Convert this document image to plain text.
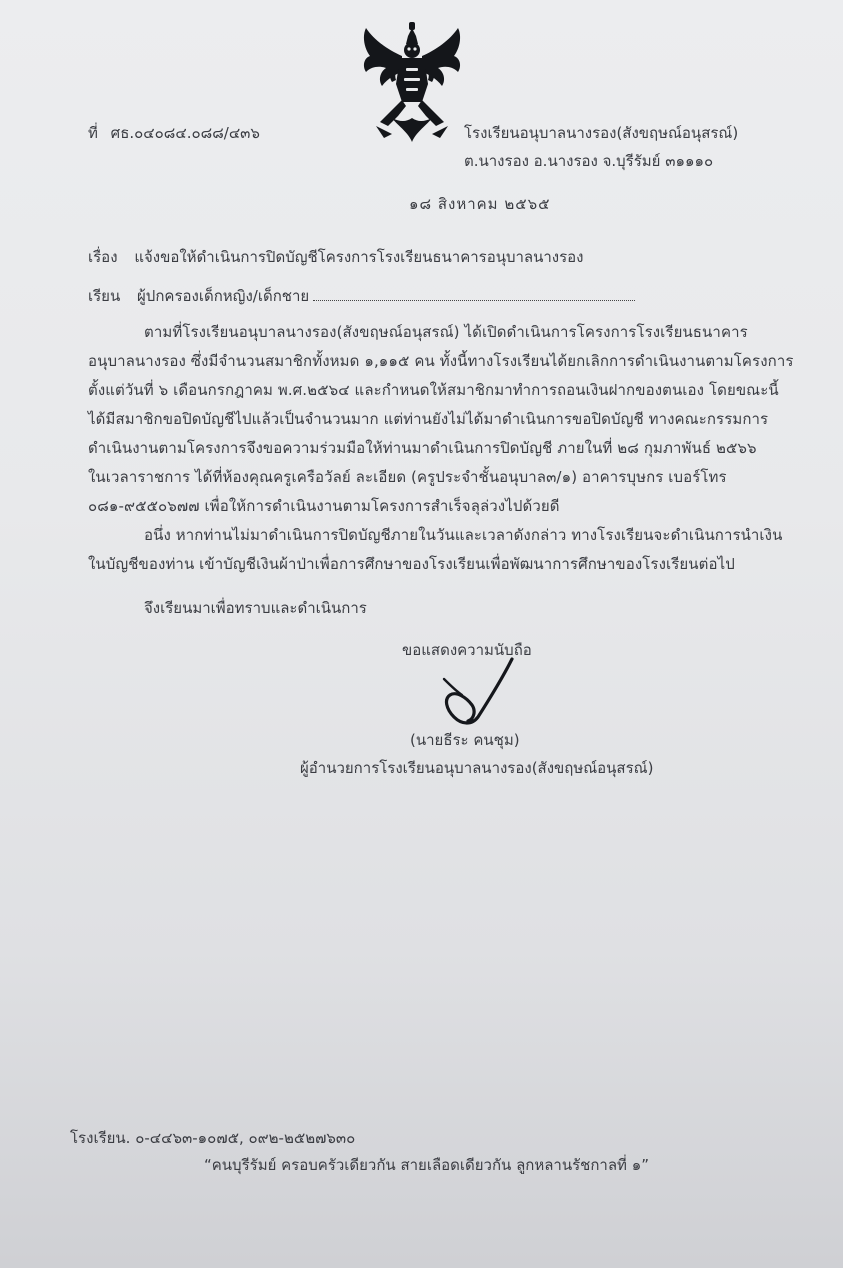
ที่ ศธ.๐๔๐๘๔.๐๘๘/๔๓๖	โรงเรียนอนุบาลนางรอง(สังขฤษณ์อนุสรณ์)
ต.นางรอง อ.นางรอง จ.บุรีรัมย์ ๓๑๑๑๐
๑๘ สิงหาคม ๒๕๖๕
เรื่อง แจ้งขอให้ดำเนินการปิดบัญชีโครงการโรงเรียนธนาคารอนุบาลนางรอง
เรียน ผู้ปกครองเด็กหญิง/เด็กชาย
ตามที่โรงเรียนอนุบาลนางรอง(สังขฤษณ์อนุสรณ์) ได้เปิดดำเนินการโครงการโรงเรียนธนาคาร
อนุบาลนางรอง ซึ่งมีจำนวนสมาชิกทั้งหมด ๑,๑๑๕ คน ทั้งนี้ทางโรงเรียนได้ยกเลิกการดำเนินงานตามโครงการ
ตั้งแต่วันที่ ๖ เดือนกรกฎาคม พ.ศ.๒๕๖๔ และกำหนดให้สมาชิกมาทำการถอนเงินฝากของตนเอง โดยขณะนี้
ได้มีสมาชิกขอปิดบัญชีไปแล้วเป็นจำนวนมาก แต่ท่านยังไม่ได้มาดำเนินการขอปิดบัญชี ทางคณะกรรมการ
ดำเนินงานตามโครงการจึงขอความร่วมมือให้ท่านมาดำเนินการปิดบัญชี ภายในที่ ๒๘ กุมภาพันธ์ ๒๕๖๖
ในเวลาราชการ ได้ที่ห้องคุณครูเครือวัลย์ ละเอียด (ครูประจำชั้นอนุบาล๓/๑) อาคารบุษกร เบอร์โทร
๐๘๑-๙๕๕๐๖๗๗ เพื่อให้การดำเนินงานตามโครงการสำเร็จลุล่วงไปด้วยดี
อนึ่ง หากท่านไม่มาดำเนินการปิดบัญชีภายในวันและเวลาดังกล่าว ทางโรงเรียนจะดำเนินการนำเงิน
ในบัญชีของท่าน เข้าบัญชีเงินผ้าป่าเพื่อการศึกษาของโรงเรียนเพื่อพัฒนาการศึกษาของโรงเรียนต่อไป
จึงเรียนมาเพื่อทราบและดำเนินการ
ขอแสดงความนับถือ
(นายธีระ คนชุม)
ผู้อำนวยการโรงเรียนอนุบาลนางรอง(สังขฤษณ์อนุสรณ์)
โรงเรียน. ๐-๔๔๖๓-๑๐๗๕, ๐๙๒-๒๕๒๗๖๓๐
“คนบุรีรัมย์ ครอบครัวเดียวกัน สายเลือดเดียวกัน ลูกหลานรัชกาลที่ ๑”
